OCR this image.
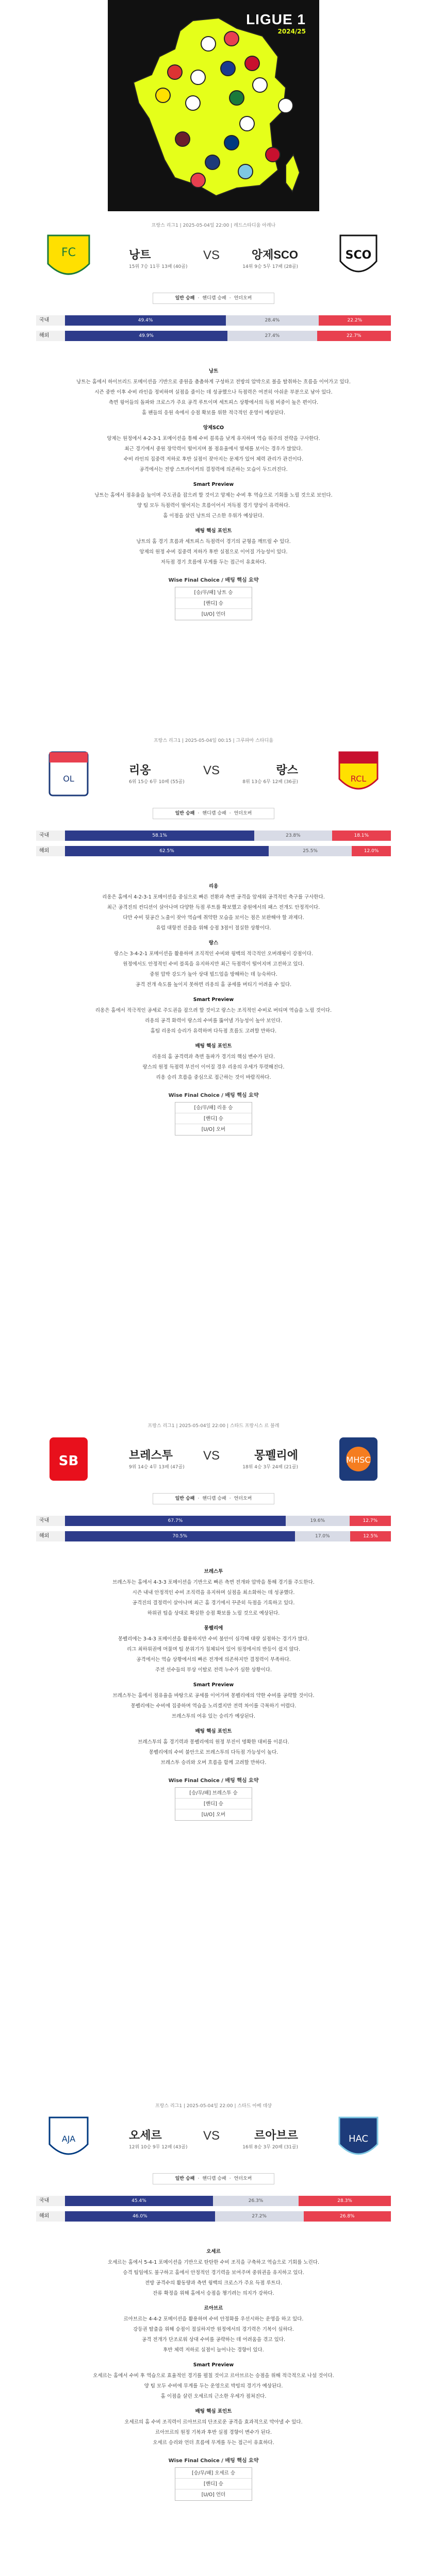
LIGUE 1
2024/25
프랑스 리그1 | 2025-05-04일 22:00 | 레드스타디움 아레나
FC	낭트
15위 7승 11무 13패 (40골)
VS	앙제SCO
14위 9승 5무 17패 (28골)
SCO
일반 승패 · 핸디캡 승패 · 언더오버
국내	49.4%	28.4%	22.2%
해외	49.9%	27.4%	22.7%
낭트

낭트는 홈에서 하이브리드 포메이션을 기반으로 중원을 촘촘하게 구성하고 전방의 압박으로 볼을 탈취하는 흐름을 이어가고 있다.

시즌 중반 이후 수비 라인을 정비하며 실점을 줄이는 데 성공했으나 득점력은 여전히 아쉬운 부분으로 남아 있다.

측면 윙어들의 돌파와 크로스가 주요 공격 루트이며 세트피스 상황에서의 득점 비중이 높은 편이다.

홈 팬들의 응원 속에서 승점 확보를 위한 적극적인 운영이 예상된다.

앙제SCO

앙제는 원정에서 4-2-3-1 포메이션을 통해 수비 블록을 낮게 유지하며 역습 위주의 전략을 구사한다.

최근 경기에서 중원 장악력이 떨어지며 볼 점유율에서 열세를 보이는 경우가 많았다.

수비 라인의 집중력 저하로 후반 실점이 잦아지는 문제가 있어 체력 관리가 관건이다.

공격에서는 전방 스트라이커의 결정력에 의존하는 모습이 두드러진다.

Smart Preview

낭트는 홈에서 점유율을 높이며 주도권을 잡으려 할 것이고 앙제는 수비 후 역습으로 기회를 노릴 것으로 보인다.

양 팀 모두 득점력이 떨어지는 흐름이어서 저득점 경기 양상이 유력하다.

홈 이점을 살린 낭트의 근소한 우위가 예상된다.

배팅 핵심 포인트

낭트의 홈 경기 흐름과 세트피스 득점력이 경기의 균형을 깨뜨릴 수 있다.

앙제의 원정 수비 집중력 저하가 후반 실점으로 이어질 가능성이 있다.

저득점 경기 흐름에 무게를 두는 접근이 유효하다.

Wise Final Choice / 배팅 핵심 요약
[승/무/패] 낭트 승
[핸디] 승
[U/O] 언더
프랑스 리그1 | 2025-05-04일 00:15 | 그루파마 스타디움
OL
리옹
6위 15승 6무 10패 (55골)
VS	랑스
8위 13승 6무 12패 (36골)	RCL
일반 승패 · 핸디캡 승패 · 언더오버
국내	58.1%	23.8%	18.1%
해외	62.5%	25.5%	12.0%
리옹

리옹은 홈에서 4-2-3-1 포메이션을 중심으로 빠른 전환과 측면 공격을 앞세워 공격적인 축구를 구사한다.

최근 공격진의 컨디션이 살아나며 다양한 득점 루트를 확보했고 중원에서의 패스 전개도 안정적이다.

다만 수비 뒷공간 노출이 잦아 역습에 취약한 모습을 보이는 점은 보완해야 할 과제다.

유럽 대항전 진출을 위해 승점 3점이 절실한 상황이다.

랑스

랑스는 3-4-2-1 포메이션을 활용하며 조직적인 수비와 윙백의 적극적인 오버래핑이 강점이다.

원정에서도 안정적인 수비 블록을 유지하지만 최근 득점력이 떨어지며 고전하고 있다.

중원 압박 강도가 높아 상대 빌드업을 방해하는 데 능숙하다.

공격 전개 속도를 높이지 못하면 리옹의 홈 공세를 버티기 어려울 수 있다.

Smart Preview

리옹은 홈에서 적극적인 공세로 주도권을 잡으려 할 것이고 랑스는 조직적인 수비로 버티며 역습을 노릴 것이다.

리옹의 공격 화력이 랑스의 수비를 뚫어낼 가능성이 높아 보인다.

홈팀 리옹의 승리가 유력하며 다득점 흐름도 고려할 만하다.

배팅 핵심 포인트

리옹의 홈 공격력과 측면 돌파가 경기의 핵심 변수가 된다.

랑스의 원정 득점력 부진이 이어질 경우 리옹의 우세가 뚜렷해진다.

리옹 승리 흐름을 중심으로 접근하는 것이 바람직하다.

Wise Final Choice / 배팅 핵심 요약
[승/무/패] 리옹 승
[핸디] 승
[U/O] 오버
프랑스 리그1 | 2025-05-04일 22:00 | 스타드 프랑시스 르 블레
SB	브레스투
9위 14승 4무 13패 (47골)
VS	몽펠리에
18위 4승 3무 24패 (21골)
MHSC
일반 승패 · 핸디캡 승패 · 언더오버
국내	67.7%	19.6%	12.7%
해외	70.5%	17.0%	12.5%
브레스투

브레스투는 홈에서 4-3-3 포메이션을 기반으로 빠른 측면 전개와 압박을 통해 경기를 주도한다.

시즌 내내 안정적인 수비 조직력을 유지하며 실점을 최소화하는 데 성공했다.

공격진의 결정력이 살아나며 최근 홈 경기에서 꾸준히 득점을 기록하고 있다.

하위권 팀을 상대로 확실한 승점 확보를 노릴 것으로 예상된다.

몽펠리에

몽펠리에는 3-4-3 포메이션을 활용하지만 수비 불안이 심각해 대량 실점하는 경기가 많다.

리그 최하위권에 머물며 팀 분위기가 침체되어 있어 원정에서의 반등이 쉽지 않다.

공격에서는 역습 상황에서의 빠른 전개에 의존하지만 결정력이 부족하다.

주전 선수들의 부상 이탈로 전력 누수가 심한 상황이다.

Smart Preview

브레스투는 홈에서 점유율을 바탕으로 공세를 이어가며 몽펠리에의 약한 수비를 공략할 것이다.

몽펠리에는 수비에 집중하며 역습을 노리겠지만 전력 차이를 극복하기 어렵다.

브레스투의 여유 있는 승리가 예상된다.

배팅 핵심 포인트

브레스투의 홈 경기력과 몽펠리에의 원정 부진이 명확한 대비를 이룬다.

몽펠리에의 수비 불안으로 브레스투의 다득점 가능성이 높다.

브레스투 승리와 오버 흐름을 함께 고려할 만하다.

Wise Final Choice / 배팅 핵심 요약
[승/무/패] 브레스투 승
[핸디] 승
[U/O] 오버
프랑스 리그1 | 2025-05-04일 22:00 | 스타드 아베 데샹
AJA	오세르
12위 10승 9무 12패 (43골)
VS	르아브르
16위 8승 3무 20패 (31골)
HAC
일반 승패 · 핸디캡 승패 · 언더오버
국내	45.4%	26.3%	28.3%
해외	46.0%	27.2%	26.8%
오세르

오세르는 홈에서 5-4-1 포메이션을 기반으로 탄탄한 수비 조직을 구축하고 역습으로 기회를 노린다.

승격 팀임에도 불구하고 홈에서 안정적인 경기력을 보여주며 중위권을 유지하고 있다.

전방 공격수의 활동량과 측면 윙백의 크로스가 주요 득점 루트다.

잔류 확정을 위해 홈에서 승점을 챙기려는 의지가 강하다.

르아브르

르아브르는 4-4-2 포메이션을 활용하며 수비 안정화를 우선시하는 운영을 하고 있다.

강등권 탈출을 위해 승점이 절실하지만 원정에서의 경기력은 기복이 심하다.

공격 전개가 단조로워 상대 수비를 공략하는 데 어려움을 겪고 있다.

후반 체력 저하로 실점이 늘어나는 경향이 있다.

Smart Preview

오세르는 홈에서 수비 후 역습으로 효율적인 경기를 펼칠 것이고 르아브르는 승점을 위해 적극적으로 나설 것이다.

양 팀 모두 수비에 무게를 두는 운영으로 박빙의 경기가 예상된다.

홈 이점을 살린 오세르의 근소한 우세가 점쳐진다.

배팅 핵심 포인트

오세르의 홈 수비 조직력이 르아브르의 단조로운 공격을 효과적으로 막아낼 수 있다.

르아브르의 원정 기복과 후반 실점 경향이 변수가 된다.

오세르 승리와 언더 흐름에 무게를 두는 접근이 유효하다.

Wise Final Choice / 배팅 핵심 요약
[승/무/패] 오세르 승
[핸디] 승
[U/O] 언더
